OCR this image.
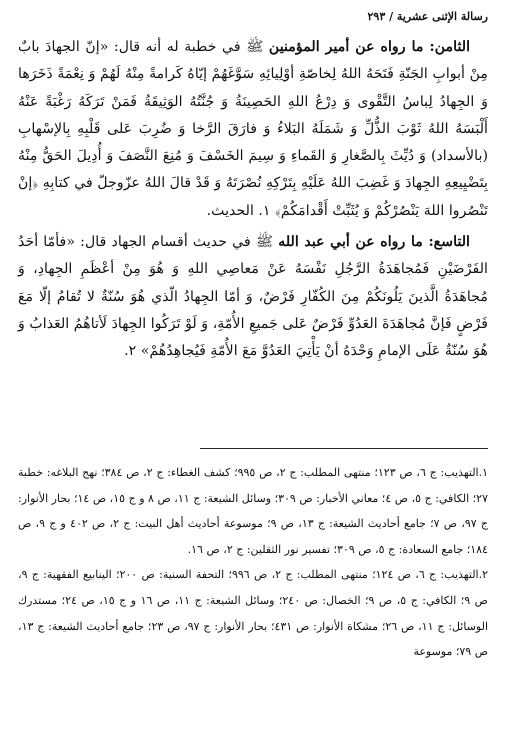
رسالة الإثنى عشرية / ٢٩٣

الثامن: ما رواه عن أمير المؤمنين ﷺ في خطبة له أنه قال: «إنّ الجهادَ بابٌ مِنْ أبوابِ الجَنّةِ فَتَحَهُ اللهُ لِخاصّةِ أوْلِيائِهِ سَوَّغَهُمْ إيّاهُ كَرامةً مِنْهُ لَهُمْ وَ نِعْمَةً ذَخَرَها وَ الجِهادُ لِباسُ التَّقْوى وَ دِرْعُ اللهِ الحَصِينَةُ وَ جُنَّتُهُ الوَثِيقَةُ فَمَنْ تَرَكَهُ رَغْبَةً عَنْهُ أَلْبَسَهُ اللهُ ثَوْبَ الذُّلِّ وَ شَمَلَهُ البَلاءُ وَ فارَقَ الرَّخا وَ ضُرِبَ عَلى قَلْبِهِ بِالإسْهابِ (بالأسداد) وَ دُيِّثَ بِالصَّغارِ وَ القَماءِ وَ سِيمَ الخَسْفَ وَ مُنِعَ النَّصَفَ وَ أُدِيلَ الحَقُّ مِنْهُ بِتَضْيِيعِهِ الجِهادَ وَ غَضِبَ اللهُ عَلَيْهِ بِتَرْكِهِ نُصْرَتَهُ وَ قَدْ قالَ اللهُ عزّوجلّ في كتابِهِ ﴿إنْ تَنْصُروا اللهَ يَنْصُرْكُمْ وَ يُثَبِّتْ أَقْدامَكُمْ﴾ ١. الحديث.

التاسع: ما رواه عن أبي عبد الله ﷺ في حديث أقسام الجهاد قال: «فأمّا أحَدُ الفَرْضَيْنِ فَمُجاهَدَةُ الرَّجُلِ نَفْسَهُ عَنْ مَعاصِي اللهِ وَ هُوَ مِنْ أعْظَمِ الجِهادِ، وَ مُجاهَدَةُ الَّذينَ يَلُونَكُمْ مِنَ الكُفّارِ فَرْضٌ، وَ أمّا الجِهادُ الّذي هُوَ سُنّةٌ لا تُقامُ إلّا مَعَ فَرْضٍ فَإنَّ مُجاهَدَةَ العَدُوِّ فَرْضٌ عَلى جَميعِ الأُمّةِ، وَ لَوْ تَرَكُوا الجِهادَ لَأتاهُمُ العَذابُ وَ هُوَ سُنّةٌ عَلَى الإمامِ وَحْدَهُ أنْ يَأْتِيَ العَدُوَّ مَعَ الأُمّةِ فَيُجاهِدُهُمْ» ٢.

١.التهذيب: ج ٦، ص ١٢٣؛ منتهى المطلب: ج ٢، ص ٩٩٥؛ كشف الغطاء: ج ٢، ص ٣٨٤؛ نهج البلاغه: خطبة ٢٧؛ الكافي: ج ٥، ص ٤؛ معاني الأخبار: ص ٣٠٩؛ وسائل الشيعة: ج ١١، ص ٨ و ج ١٥، ص ١٤؛ بحار الأنوار: ج ٩٧، ص ٧؛ جامع أحاديث الشيعة: ج ١٣، ص ٩؛ موسوعة أحاديث أهل البيت: ج ٢، ص ٤٠٢ و ج ٩، ص ١٨٤؛ جامع السعادة: ج ٥، ص ٣٠٩؛ تفسير نور الثقلين: ج ٢، ص ١٦.

٢.التهذيب: ج ٦، ص ١٢٤؛ منتهى المطلب: ج ٢، ص ٩٩٦؛ التحفة السنية: ص ٢٠٠؛ الينابيع الفقهية: ج ٩، ص ٩؛ الكافي: ج ٥، ص ٩؛ الخصال: ص ٢٤٠؛ وسائل الشيعة: ج ١١، ص ١٦ و ج ١٥، ص ٢٤؛ مستدرك الوسائل: ج ١١، ص ٢٦؛ مشكاة الأنوار: ص ٤٣١؛ بحار الأنوار: ج ٩٧، ص ٢٣؛ جامع أحاديث الشيعة: ج ١٣، ص ٧٩؛ موسوعة
